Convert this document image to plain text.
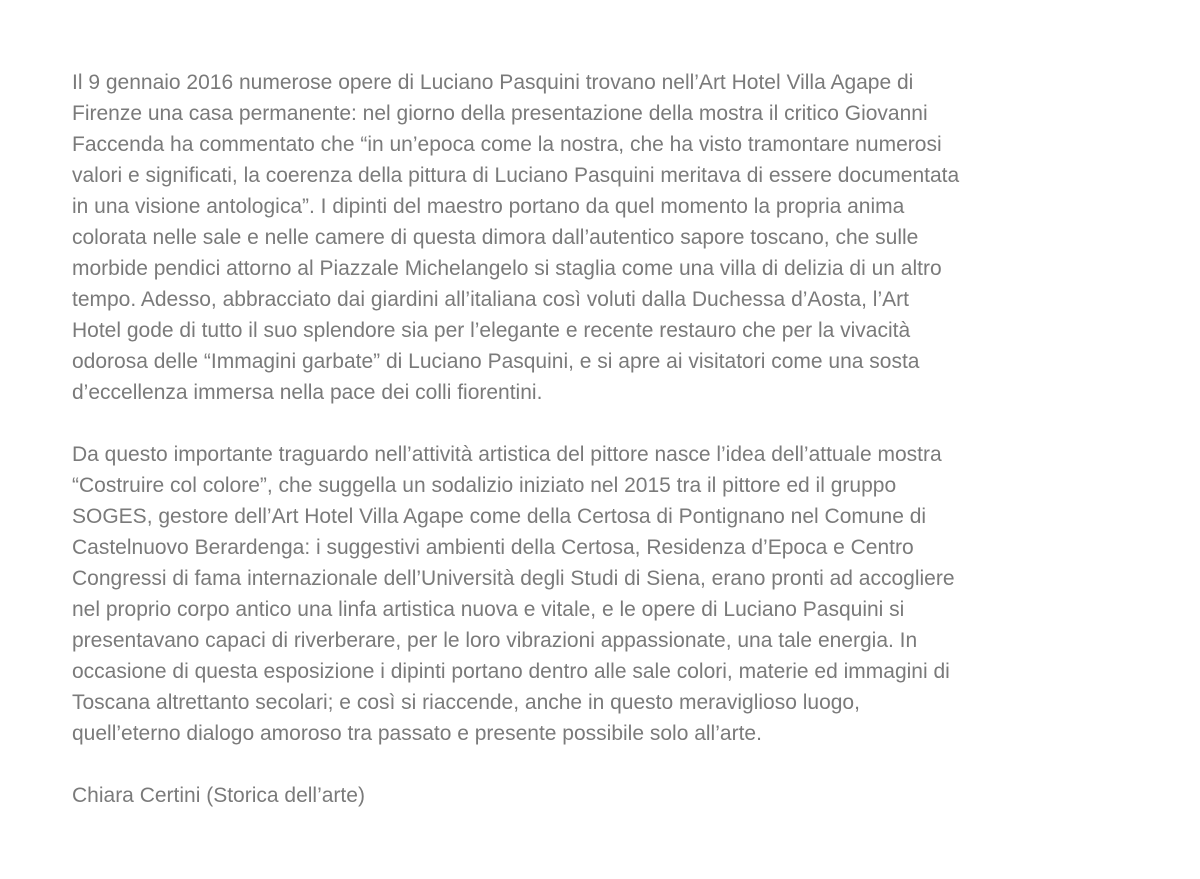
Il 9 gennaio 2016 numerose opere di Luciano Pasquini trovano nell’Art Hotel Villa Agape di
Firenze una casa permanente: nel giorno della presentazione della mostra il critico Giovanni
Faccenda ha commentato che “in un’epoca come la nostra, che ha visto tramontare numerosi
valori e significati, la coerenza della pittura di Luciano Pasquini meritava di essere documentata
in una visione antologica”. I dipinti del maestro portano da quel momento la propria anima
colorata nelle sale e nelle camere di questa dimora dall’autentico sapore toscano, che sulle
morbide pendici attorno al Piazzale Michelangelo si staglia come una villa di delizia di un altro
tempo. Adesso, abbracciato dai giardini all’italiana così voluti dalla Duchessa d’Aosta, l’Art
Hotel gode di tutto il suo splendore sia per l’elegante e recente restauro che per la vivacità
odorosa delle “Immagini garbate” di Luciano Pasquini, e si apre ai visitatori come una sosta
d’eccellenza immersa nella pace dei colli fiorentini.
Da questo importante traguardo nell’attività artistica del pittore nasce l’idea dell’attuale mostra
“Costruire col colore”, che suggella un sodalizio iniziato nel 2015 tra il pittore ed il gruppo
SOGES, gestore dell’Art Hotel Villa Agape come della Certosa di Pontignano nel Comune di
Castelnuovo Berardenga: i suggestivi ambienti della Certosa, Residenza d’Epoca e Centro
Congressi di fama internazionale dell’Università degli Studi di Siena, erano pronti ad accogliere
nel proprio corpo antico una linfa artistica nuova e vitale, e le opere di Luciano Pasquini si
presentavano capaci di riverberare, per le loro vibrazioni appassionate, una tale energia. In
occasione di questa esposizione i dipinti portano dentro alle sale colori, materie ed immagini di
Toscana altrettanto secolari; e così si riaccende, anche in questo meraviglioso luogo,
quell’eterno dialogo amoroso tra passato e presente possibile solo all’arte.

Chiara Certini (Storica dell’arte)
